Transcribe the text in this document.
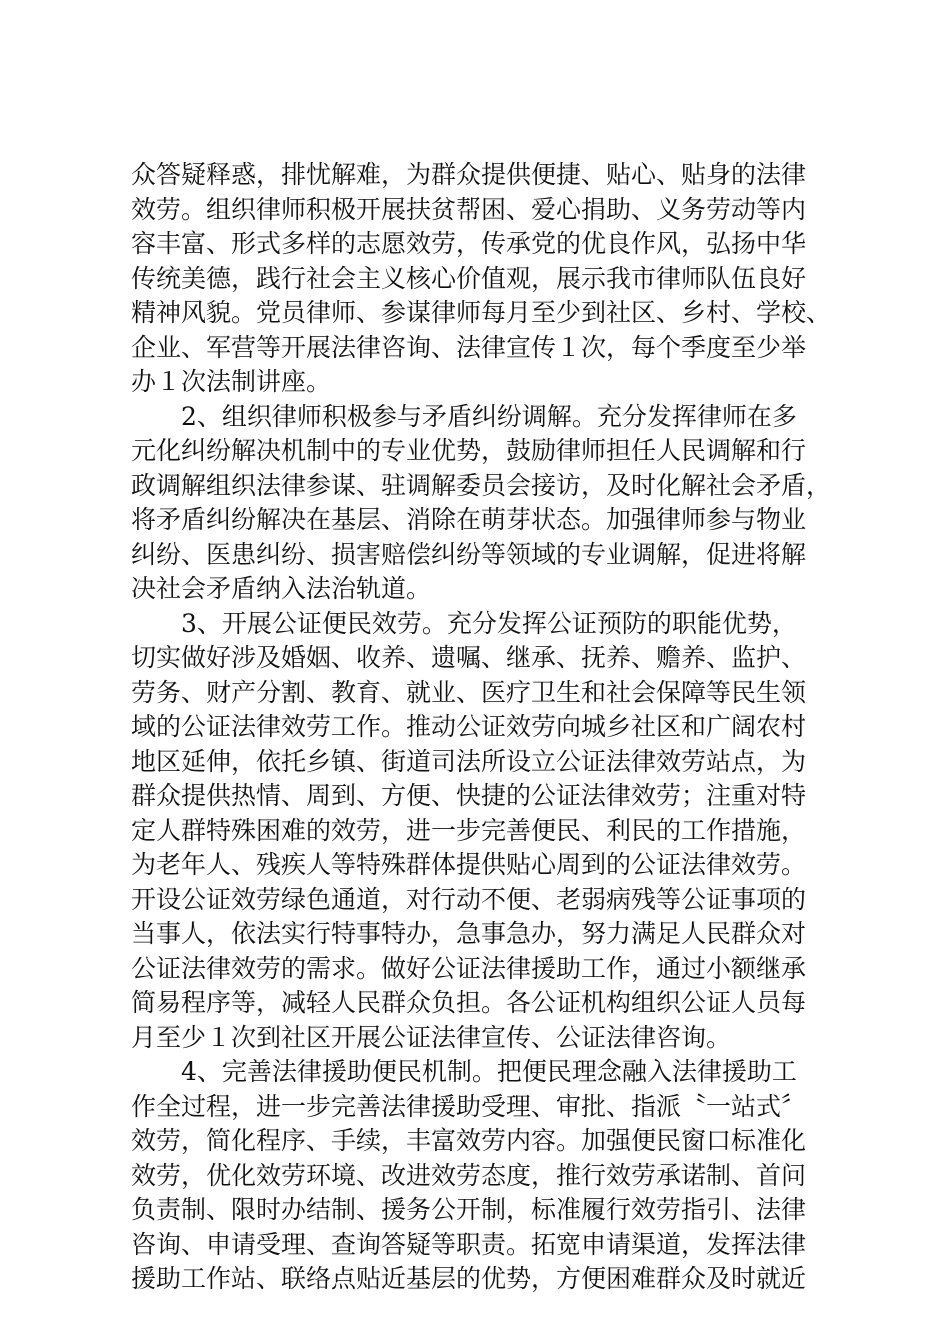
众答疑释惑，排忧解难，为群众提供便捷、贴心、贴身的法律
效劳。组织律师积极开展扶贫帮困、爱心捐助、义务劳动等内
容丰富、形式多样的志愿效劳，传承党的优良作风，弘扬中华
传统美德，践行社会主义核心价值观，展示我市律师队伍良好
精神风貌。党员律师、参谋律师每月至少到社区、乡村、学校、
企业、军营等开展法律咨询、法律宣传１次，每个季度至少举
办１次法制讲座。
2、组织律师积极参与矛盾纠纷调解。充分发挥律师在多
元化纠纷解决机制中的专业优势，鼓励律师担任人民调解和行
政调解组织法律参谋、驻调解委员会接访，及时化解社会矛盾，
将矛盾纠纷解决在基层、消除在萌芽状态。加强律师参与物业
纠纷、医患纠纷、损害赔偿纠纷等领域的专业调解，促进将解
决社会矛盾纳入法治轨道。
3、开展公证便民效劳。充分发挥公证预防的职能优势，
切实做好涉及婚姻、收养、遗嘱、继承、抚养、赡养、监护、
劳务、财产分割、教育、就业、医疗卫生和社会保障等民生领
域的公证法律效劳工作。推动公证效劳向城乡社区和广阔农村
地区延伸，依托乡镇、街道司法所设立公证法律效劳站点，为
群众提供热情、周到、方便、快捷的公证法律效劳；注重对特
定人群特殊困难的效劳，进一步完善便民、利民的工作措施，
为老年人、残疾人等特殊群体提供贴心周到的公证法律效劳。
开设公证效劳绿色通道，对行动不便、老弱病残等公证事项的
当事人，依法实行特事特办，急事急办，努力满足人民群众对
公证法律效劳的需求。做好公证法律援助工作，通过小额继承
简易程序等，减轻人民群众负担。各公证机构组织公证人员每
月至少１次到社区开展公证法律宣传、公证法律咨询。
4、完善法律援助便民机制。把便民理念融入法律援助工
作全过程，进一步完善法律援助受理、审批、指派〝一站式〞
效劳，简化程序、手续，丰富效劳内容。加强便民窗口标准化
效劳，优化效劳环境、改进效劳态度，推行效劳承诺制、首问
负责制、限时办结制、援务公开制，标准履行效劳指引、法律
咨询、申请受理、查询答疑等职责。拓宽申请渠道，发挥法律
援助工作站、联络点贴近基层的优势，方便困难群众及时就近
